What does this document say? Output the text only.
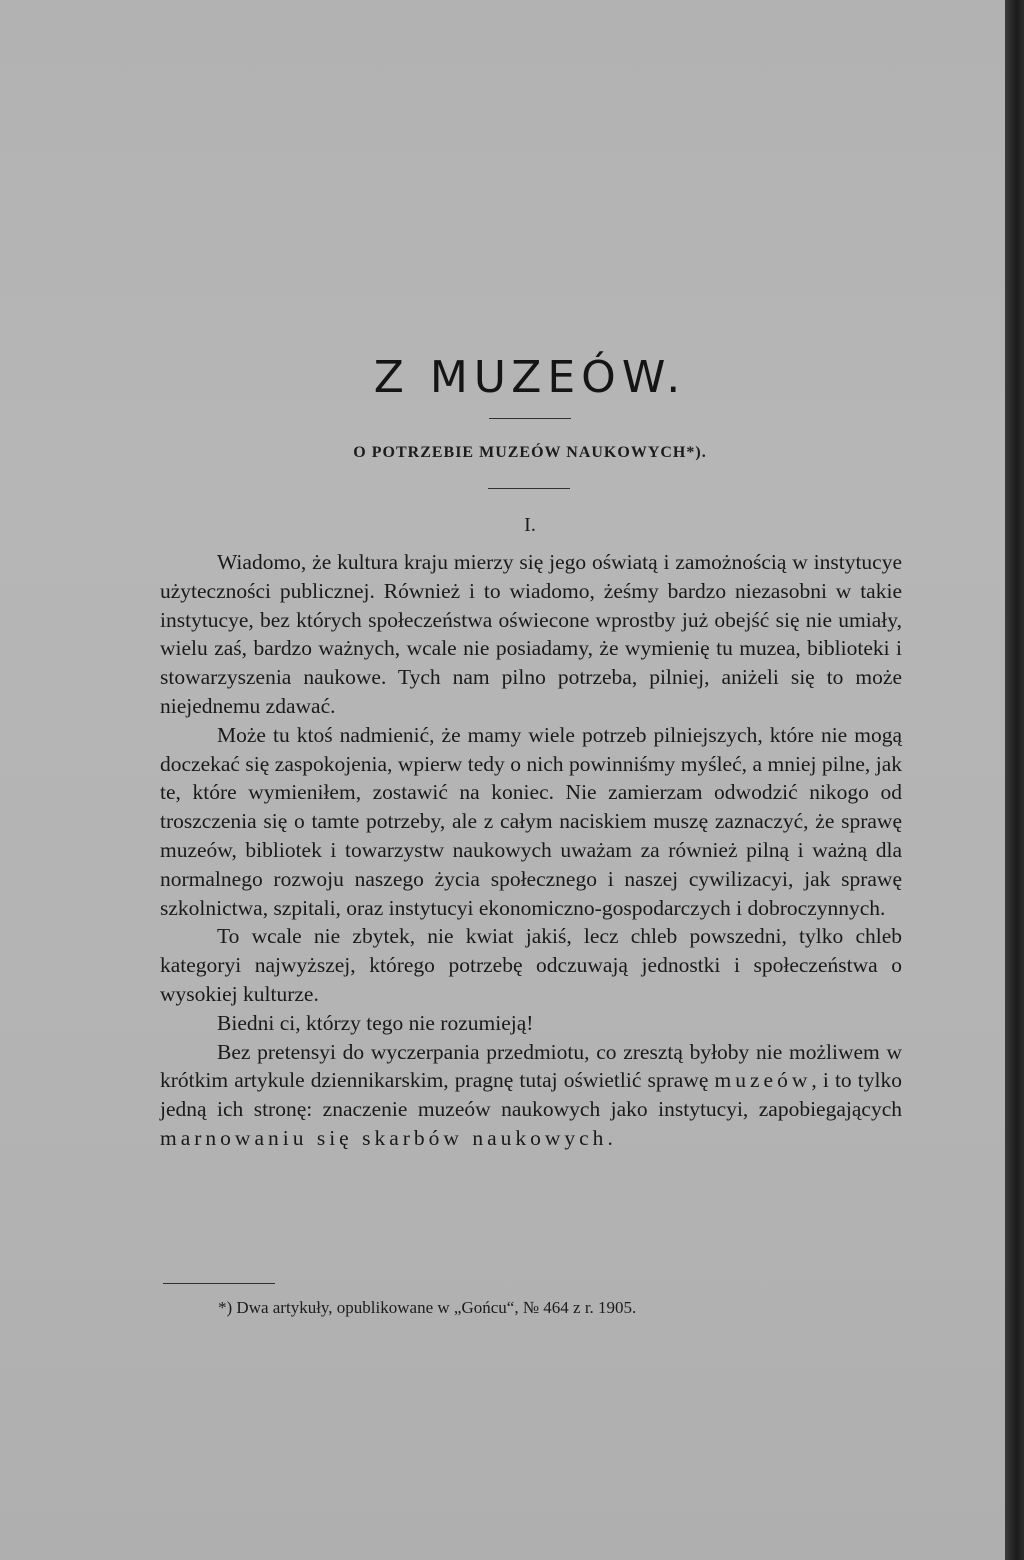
Z MUZEÓW.
O POTRZEBIE MUZEÓW NAUKOWYCH*).
I.

Wiadomo, że kultura kraju mierzy się jego oświatą i zamożnością w instytucye użyteczności publicznej. Również i to wiadomo, żeśmy bardzo niezasobni w takie instytucye, bez których społeczeństwa oświecone wprostby już obejść się nie umiały, wielu zaś, bardzo ważnych, wcale nie posiadamy, że wymienię tu muzea, biblioteki i stowarzyszenia naukowe. Tych nam pilno potrzeba, pilniej, aniżeli się to może niejednemu zdawać.

Może tu ktoś nadmienić, że mamy wiele potrzeb pilniejszych, które nie mogą doczekać się zaspokojenia, wpierw tedy o nich powinniśmy myśleć, a mniej pilne, jak te, które wymieniłem, zostawić na koniec. Nie zamierzam odwodzić nikogo od troszczenia się o tamte potrzeby, ale z całym naciskiem muszę zaznaczyć, że sprawę muzeów, bibliotek i towarzystw naukowych uważam za również pilną i ważną dla normalnego rozwoju naszego życia społecznego i naszej cywilizacyi, jak sprawę szkolnictwa, szpitali, oraz instytucyi ekonomiczno-gospodarczych i dobroczynnych.

To wcale nie zbytek, nie kwiat jakiś, lecz chleb powszedni, tylko chleb kategoryi najwyższej, którego potrzebę odczuwają jednostki i społeczeństwa o wysokiej kulturze.

Biedni ci, którzy tego nie rozumieją!

Bez pretensyi do wyczerpania przedmiotu, co zresztą byłoby nie możliwem w krótkim artykule dziennikarskim, pragnę tutaj oświetlić sprawę muzeów, i to tylko jedną ich stronę: znaczenie muzeów naukowych jako instytucyi, zapobiegających marnowaniu się skarbów naukowych.

*) Dwa artykuły, opublikowane w „Gońcu“, № 464 z r. 1905.
